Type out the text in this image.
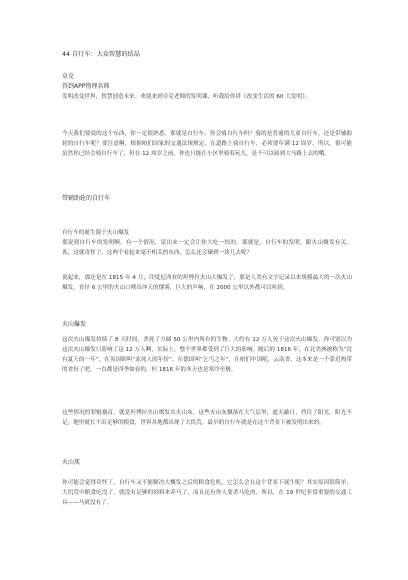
44 自行车：大众智慧的结晶
卓克
得到APP物理名师
发明改变世界，智慧创造未来。欢迎来到卓克老师的发明课，听我给你讲《改变生活的 60 大发明》。
今天我们要说的这个东西，你一定很熟悉，那就是自行车。你会骑自行车吗？骑的是普通的儿童自行车，还是带辅助轮的自行车呢？要注意啊，根据咱们国家的交通法规规定，在道路上骑自行车，必须要年满 12 周岁。所以，很可能虽然你已经会骑自行车了，但在 12 周岁之前，你也只能在小区里骑着玩儿，是不可以骑到大马路上去的哦。
带辅助轮的自行车
自行车的诞生源于火山爆发
那说到自行车的发明啊，有一个情况，说出来一定会让你大吃一惊的，那就是，自行车的发明，跟火山爆发有关。诶，这就奇怪了，这两个看起来毫不相关的东西，怎么还会碰到一块儿去呢？
说起来，那还是在 1815 年 4 月，印度尼西亚的坦博拉火山大爆发了，那是人类有文字记录以来规模最大的一次火山爆发，直径 6 公里的火山口喷出冲天的烟雾，巨大的声响，在 2000 公里以外都可以听到。
火山爆发
这次火山爆发持续了 8 天时间，杀死了方圆 50 公里内所有的生物。大约有 12 万人死于这次火山爆发。你可别以为这次火山爆发只影响了这 12 万人啊，实际上，整个世界都受到了巨大的影响。随后的 1816 年，在北美洲被称为“没有夏天的一年”，在英国则叫“冻死人的年份”，在德国叫“乞丐之年”，在咱们中国呢，云南省，这本来是一个靠近热带的省份了吧，一直都是四季如春的，但 1816 年的冬天也是寒冷至极。
这些情况的罪魁祸首，就是坦博拉火山喷发出火山灰。这些火山灰飘落在大气层里，遮天蔽日，挡住了阳光。阳光不足，地里就长不出足够的粮食，世界各地都出现了大饥荒，最早的自行车就是在这个背景下被发明出来的。
火山灰
你可能会觉得奇怪了，自行车又不能解决大概发之后的粮食危机，它怎么会在这个背景下诞生呢？其实原因很简单，大饥荒中粮食吃没了，就没有足够的饲料来养马了，而且还有你人要杀马吃肉。所以，在 19 世纪非常重要的交通工具——马就没有了。
